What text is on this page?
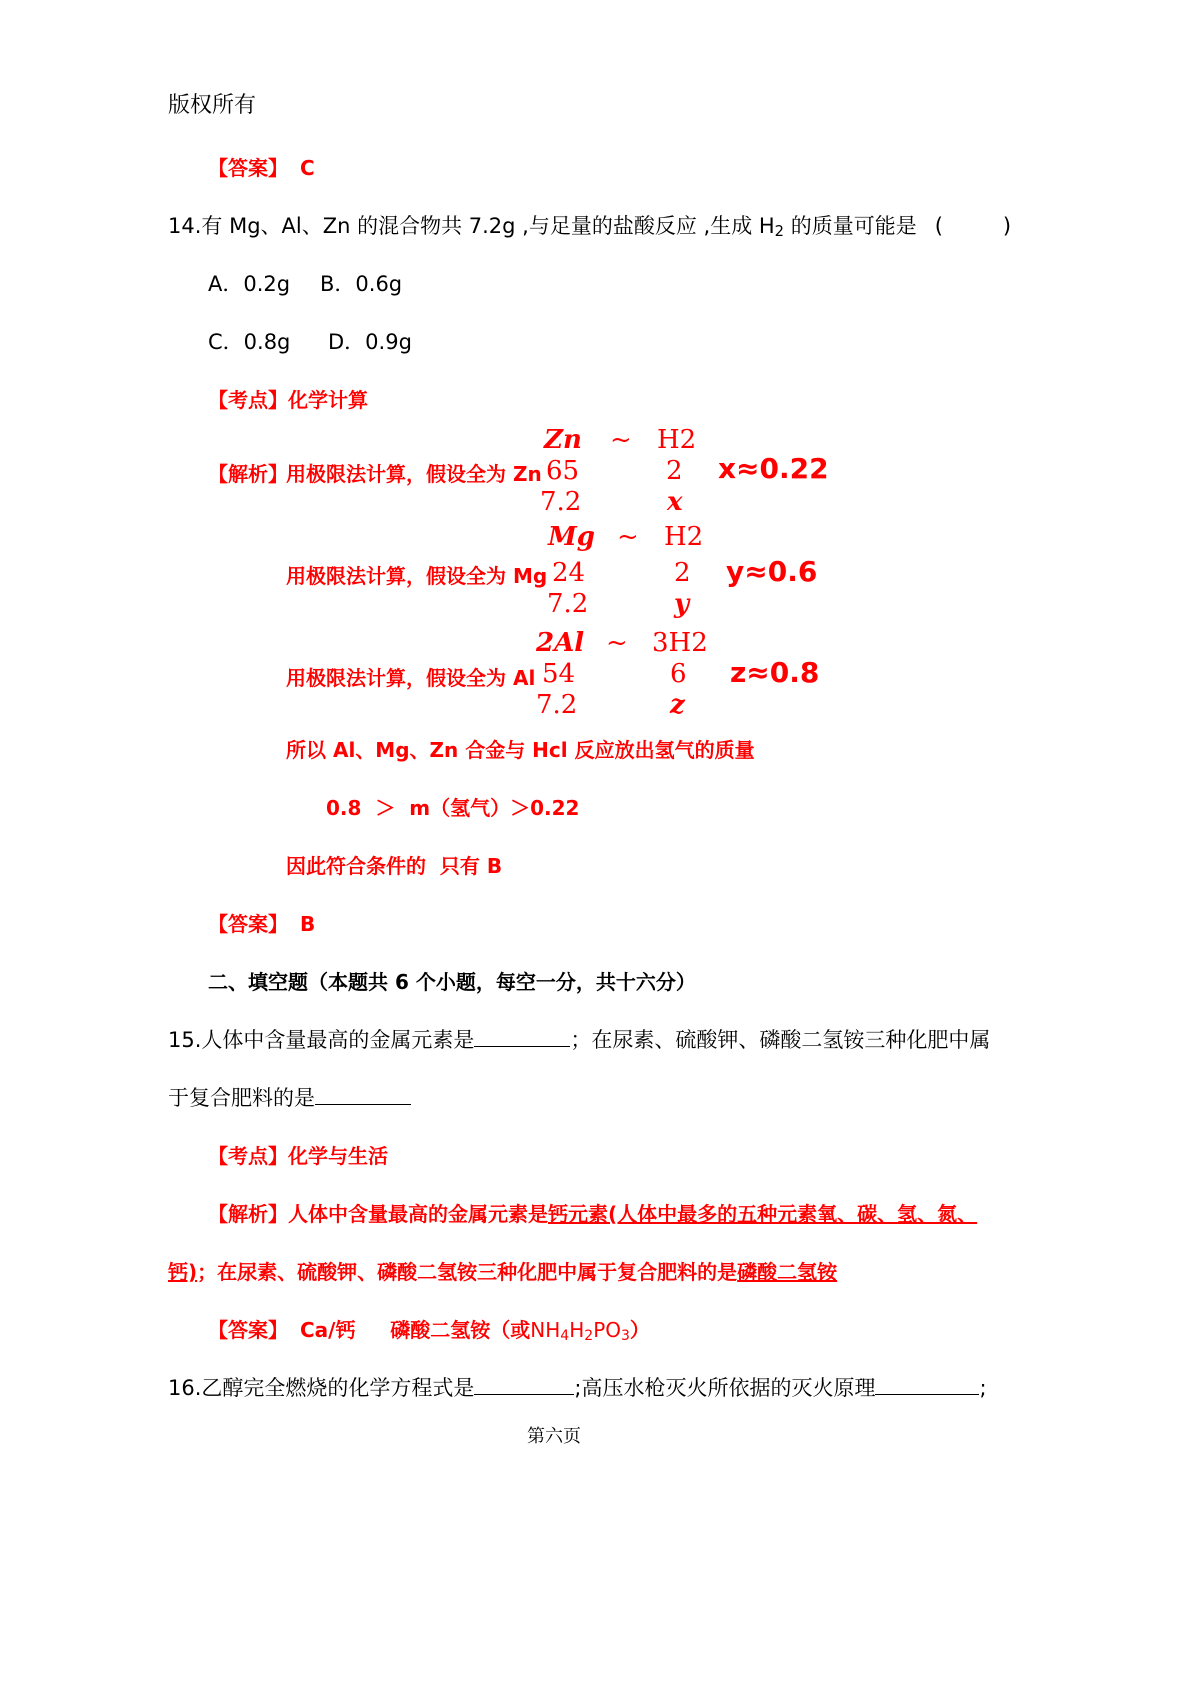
版权所有
【答案】 C
14.有 Mg、Al、Zn 的混合物共 7.2g ,与足量的盐酸反应 ,生成 $H_2$ 的质量可能是 (	)
A．0.2g B．0.6g
C．0.8g D．0.9g
【考点】化学计算
【解析】
用极限法计算，假设全为 Zn
Zn ~ H2
65	2
7.2	x
x≈0.22
用极限法计算，假设全为 Mg
Mg ~ H2
24	2
7.2	y
y≈0.6
用极限法计算，假设全为 Al
2Al ~ 3H2
54	6
7.2	z
z≈0.8
所以 Al、Mg、Zn 合金与 Hcl 反应放出氢气的质量
0.8  ＞  m（氢气）＞0.22
因此符合条件的  只有 B
【答案】 B
二、填空题（本题共 6 个小题，每空一分，共十六分）
15.人体中含量最高的金属元素是	；在尿素、硫酸钾、磷酸二氢铵三种化肥中属
于复合肥料的是
【考点】化学与生活
【解析】人体中含量最高的金属元素是钙元素(人体中最多的五种元素氧、碳、氢、氮、
钙)；在尿素、硫酸钾、磷酸二氢铵三种化肥中属于复合肥料的是磷酸二氢铵
【答案】 Ca/钙     磷酸二氢铵（或$NH_4H_2PO_3$）
16.乙醇完全燃烧的化学方程式是	;高压水枪灭火所依据的灭火原理	;
第六页
